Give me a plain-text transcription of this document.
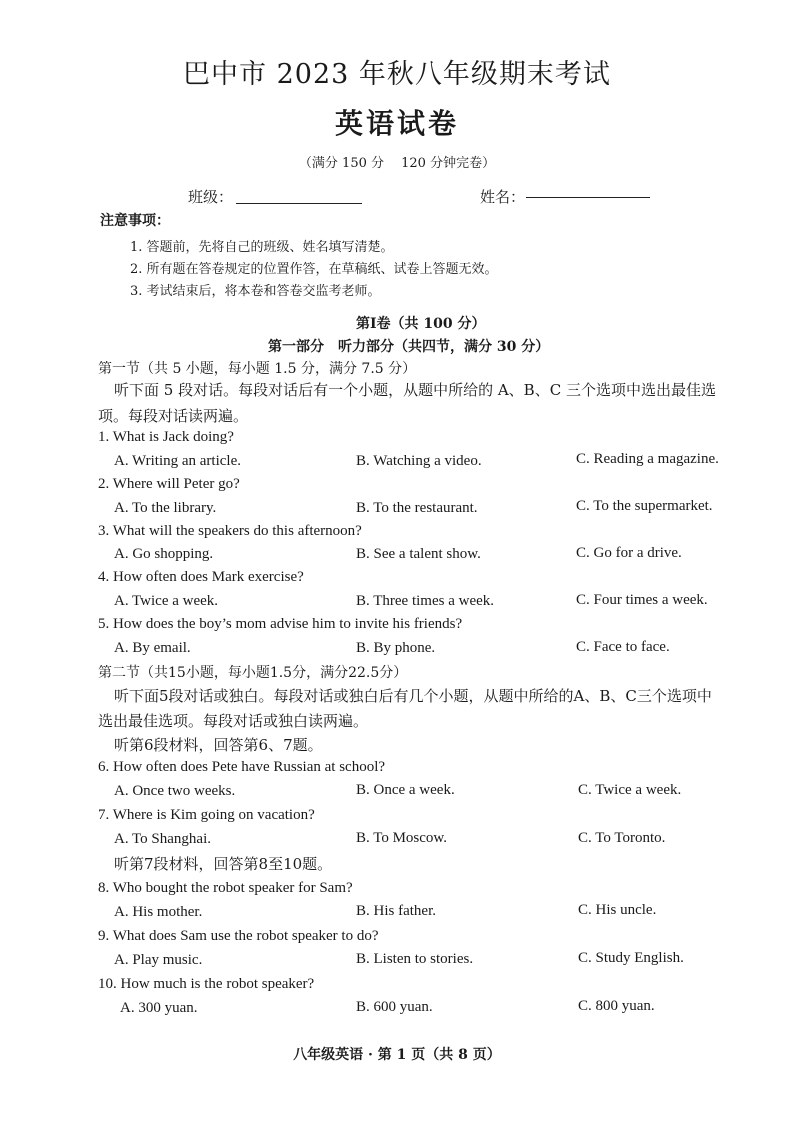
巴中市 2023 年秋八年级期末考试
英语试卷
（满分 150 分　 120 分钟完卷）
班级：	姓名：
注意事项：
1. 答题前，先将自己的班级、姓名填写清楚。
2. 所有题在答卷规定的位置作答，在草稿纸、试卷上答题无效。
3. 考试结束后，将本卷和答卷交监考老师。
第Ⅰ卷（共 100 分）
第一部分　听力部分（共四节，满分 30 分）
第一节（共 5 小题，每小题 1.5 分，满分 7.5 分）
听下面 5 段对话。每段对话后有一个小题，从题中所给的 A、B、C 三个选项中选出最佳选
项。每段对话读两遍。
1. What is Jack doing?
A. Writing an article.	B. Watching a video.	C. Reading a magazine.
2. Where will Peter go?
A. To the library.	B. To the restaurant.	C. To the supermarket.
3. What will the speakers do this afternoon?
A. Go shopping.	B. See a talent show.	C. Go for a drive.
4. How often does Mark exercise?
A. Twice a week.	B. Three times a week.	C. Four times a week.
5. How does the boy’s mom advise him to invite his friends?
A. By email.	B. By phone.	C. Face to face.
第二节（共15小题，每小题1.5分，满分22.5分）
听下面5段对话或独白。每段对话或独白后有几个小题，从题中所给的A、B、C三个选项中
选出最佳选项。每段对话或独白读两遍。
听第6段材料，回答第6、7题。
6. How often does Pete have Russian at school?
A. Once two weeks.	B. Once a week.	C. Twice a week.
7. Where is Kim going on vacation?
A. To Shanghai.	B. To Moscow.	C. To Toronto.
听第7段材料，回答第8至10题。
8. Who bought the robot speaker for Sam?
A. His mother.	B. His father.	C. His uncle.
9. What does Sam use the robot speaker to do?
A. Play music.	B. Listen to stories.	C. Study English.
10. How much is the robot speaker?
A. 300 yuan.	B. 600 yuan.	C. 800 yuan.
八年级英语 · 第 1 页（共 8 页）
